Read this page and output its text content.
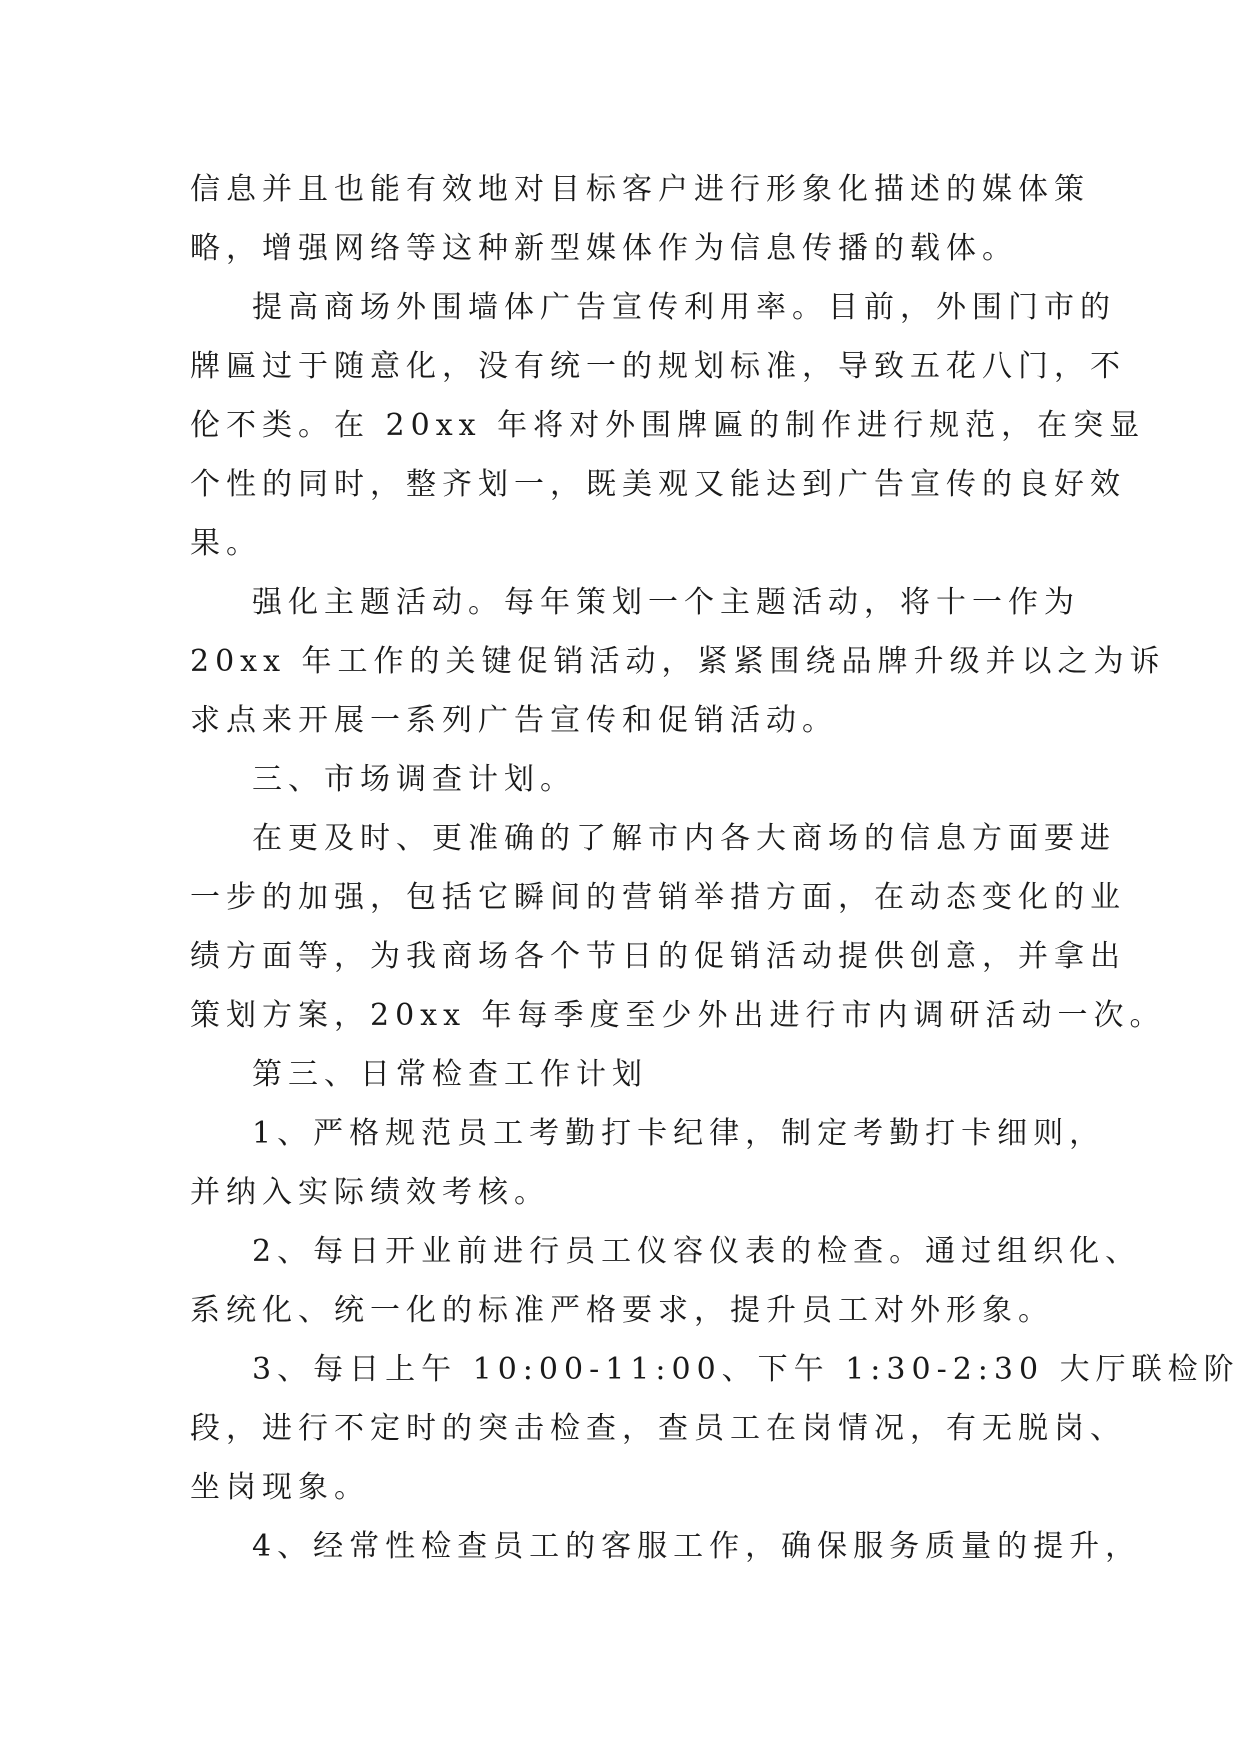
信息并且也能有效地对目标客户进行形象化描述的媒体策
略，增强网络等这种新型媒体作为信息传播的载体。
提高商场外围墙体广告宣传利用率。目前，外围门市的
牌匾过于随意化，没有统一的规划标准，导致五花八门，不
伦不类。在 20xx 年将对外围牌匾的制作进行规范，在突显
个性的同时，整齐划一，既美观又能达到广告宣传的良好效
果。
强化主题活动。每年策划一个主题活动，将十一作为
20xx 年工作的关键促销活动，紧紧围绕品牌升级并以之为诉
求点来开展一系列广告宣传和促销活动。
三、市场调查计划。
在更及时、更准确的了解市内各大商场的信息方面要进
一步的加强，包括它瞬间的营销举措方面，在动态变化的业
绩方面等，为我商场各个节日的促销活动提供创意，并拿出
策划方案，20xx 年每季度至少外出进行市内调研活动一次。
第三、日常检查工作计划
1、严格规范员工考勤打卡纪律，制定考勤打卡细则，
并纳入实际绩效考核。
2、每日开业前进行员工仪容仪表的检查。通过组织化、
系统化、统一化的标准严格要求，提升员工对外形象。
3、每日上午 10:00-11:00、下午 1:30-2:30 大厅联检阶
段，进行不定时的突击检查，查员工在岗情况，有无脱岗、
坐岗现象。
4、经常性检查员工的客服工作，确保服务质量的提升，
